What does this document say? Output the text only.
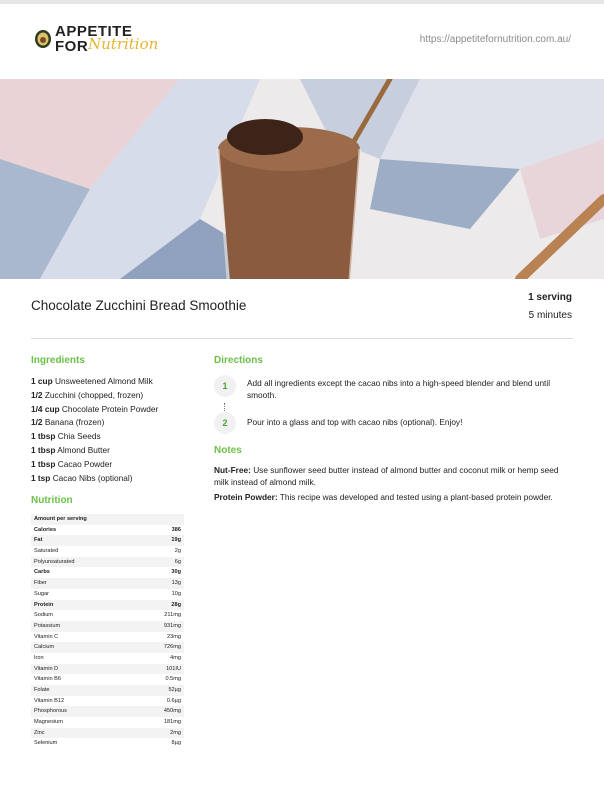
APPETITE
FOR Nutrition	https://appetitefornutrition.com.au/
Chocolate Zucchini Bread Smoothie
1 serving
5 minutes
Ingredients
1 cup Unsweetened Almond Milk
1/2 Zucchini (chopped, frozen)
1/4 cup Chocolate Protein Powder
1/2 Banana (frozen)
1 tbsp Chia Seeds
1 tbsp Almond Butter
1 tbsp Cacao Powder
1 tsp Cacao Nibs (optional)
Nutrition
Amount per serving
Calories	386
Fat	19g
Saturated	2g
Polyunsaturated	6g
Carbs	30g
Fiber	13g
Sugar	10g
Protein	28g
Sodium	211mg
Potassium	931mg
Vitamin C	23mg
Calcium	726mg
Iron	4mg
Vitamin D	101IU
Vitamin B6	0.5mg
Folate	52µg
Vitamin B12	0.6µg
Phosphorous	450mg
Magnesium	181mg
Zinc	2mg
Selenium	8µg
Directions
1	Add all ingredients except the cacao nibs into a high-speed blender and blend until smooth.
2	Pour into a glass and top with cacao nibs (optional). Enjoy!
Notes

Nut-Free: Use sunflower seed butter instead of almond butter and coconut milk or hemp seed milk instead of almond milk.

Protein Powder: This recipe was developed and tested using a plant-based protein powder.
